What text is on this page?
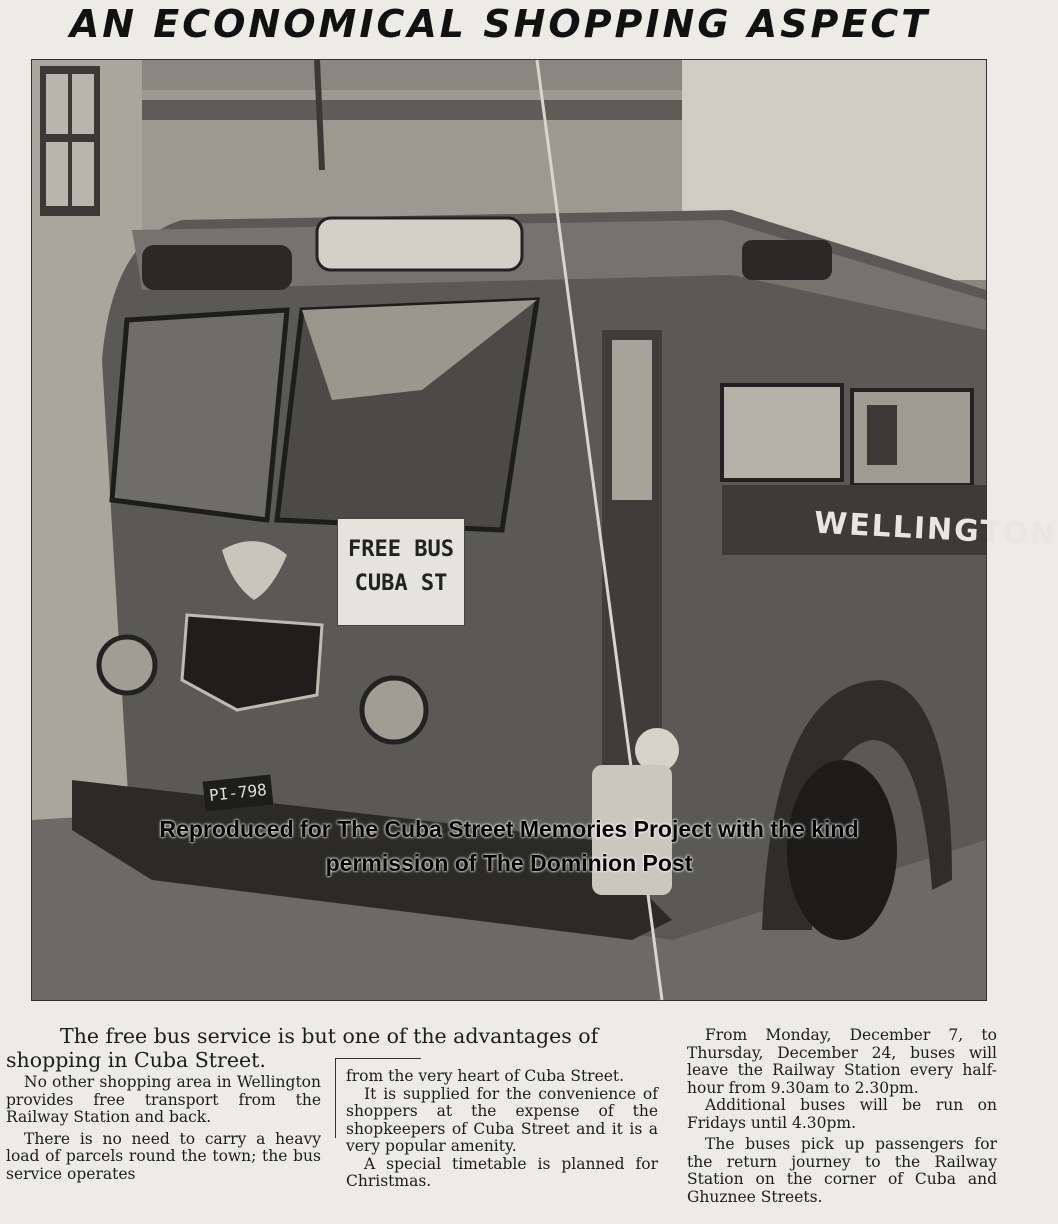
AN ECONOMICAL SHOPPING ASPECT
FREE BUS
CUBA ST
WELLINGTON
PI-798
Reproduced for The Cuba Street Memories Project with the kind
permission of The Dominion Post
The free bus service is but one of the advantages of
shopping in Cuba Street.

No other shopping area in Wellington provides free transport from the Railway Station and back.

There is no need to carry a heavy load of parcels round the town; the bus service operates

from the very heart of Cuba Street.

It is supplied for the convenience of shoppers at the expense of the shopkeepers of Cuba Street and it is a very popular amenity.

A special timetable is planned for Christmas.

From Monday, December 7, to Thursday, December 24, buses will leave the Railway Station every half-hour from 9.30am to 2.30pm.

Additional buses will be run on Fridays until 4.30pm.

The buses pick up passengers for the return journey to the Railway Station on the corner of Cuba and Ghuznee Streets.
